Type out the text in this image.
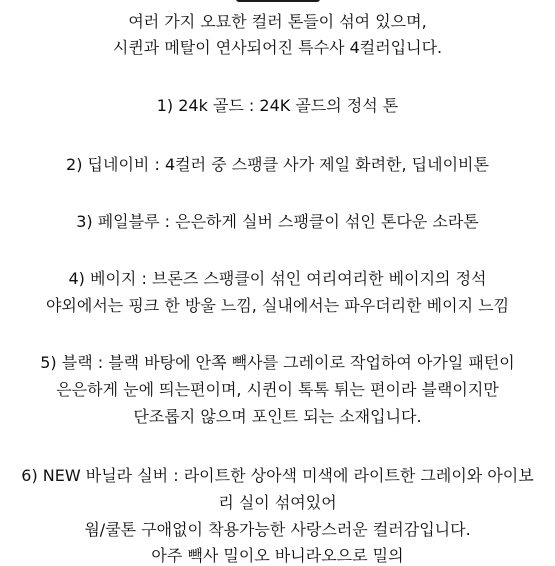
여러 가지 오묘한 컬러 톤들이 섞여 있으며,
시퀸과 메탈이 연사되어진 특수사 4컬러입니다.
1) 24k 골드 : 24K 골드의 정석 톤
2) 딥네이비 : 4컬러 중 스팽클 사가 제일 화려한, 딥네이비톤
3) 페일블루 : 은은하게 실버 스팽클이 섞인 톤다운 소라톤
4) 베이지 : 브론즈 스팽클이 섞인 여리여리한 베이지의 정석
야외에서는 핑크 한 방울 느낌, 실내에서는 파우더리한 베이지 느낌
5) 블랙 : 블랙 바탕에 안쪽 빽사를 그레이로 작업하여 아가일 패턴이
은은하게 눈에 띄는편이며, 시퀸이 톡톡 튀는 편이라 블랙이지만
단조롭지 않으며 포인트 되는 소재입니다.
6) NEW 바닐라 실버 : 라이트한 상아색 미색에 라이트한 그레이와 아이보
리 실이 섞여있어
웜/쿨톤 구애없이 착용가능한 사랑스러운 컬러감입니다.
아주 빽사 밀이오 바니라오으로 밀의
